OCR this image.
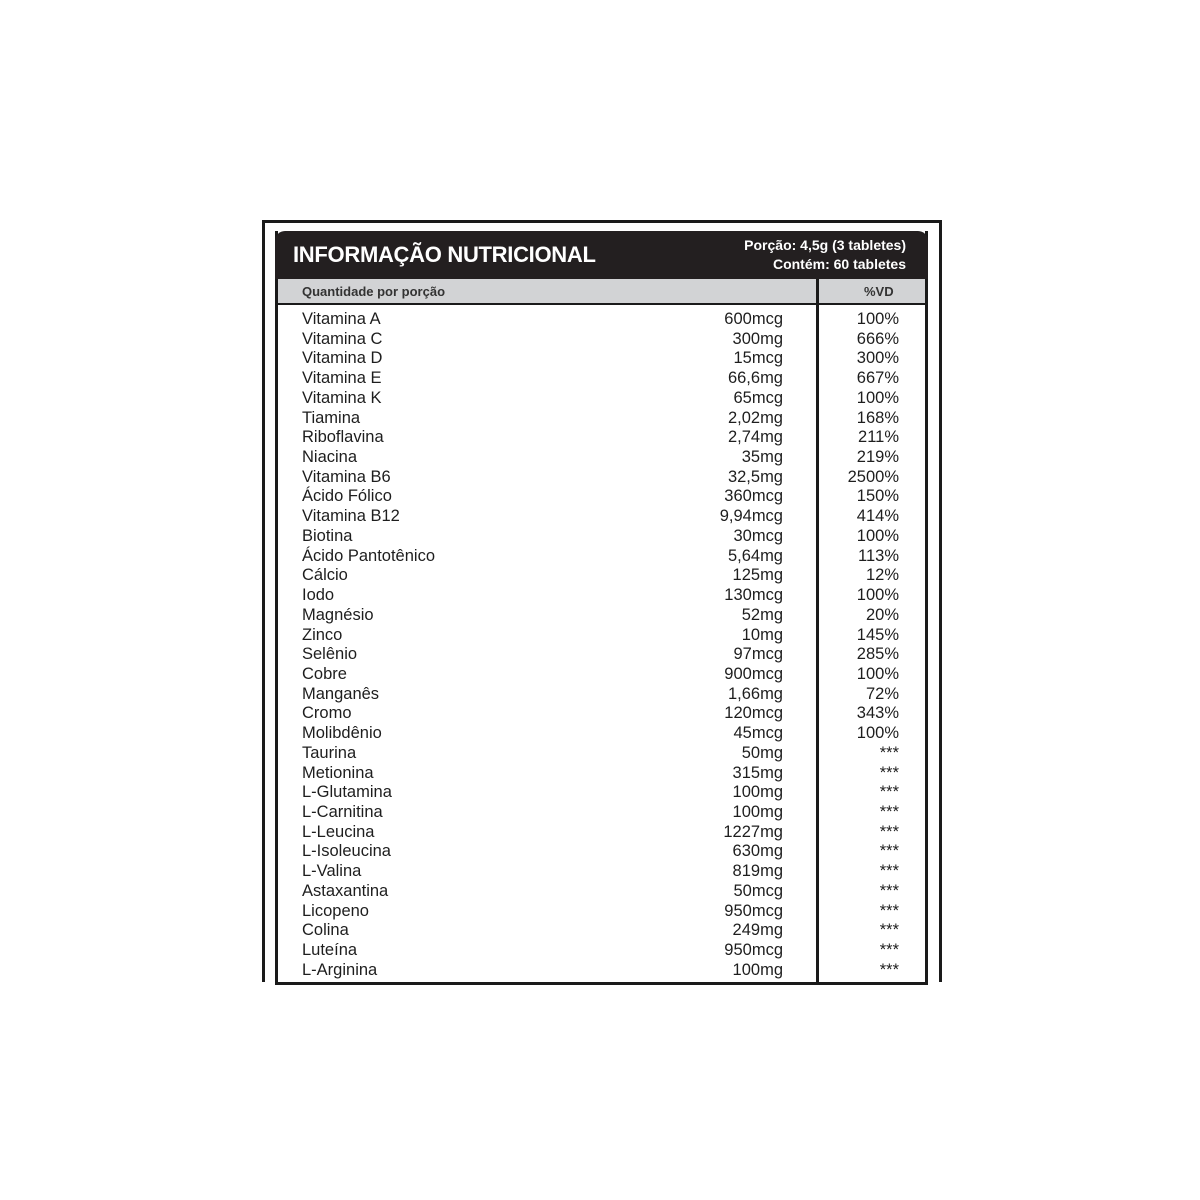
INFORMAÇÃO NUTRICIONAL	Porção: 4,5g (3 tabletes)
Contém: 60 tabletes
Quantidade por porção	%VD
Vitamina A	600mcg	100%
Vitamina C	300mg	666%
Vitamina D	15mcg	300%
Vitamina E	66,6mg	667%
Vitamina K	65mcg	100%
Tiamina	2,02mg	168%
Riboflavina	2,74mg	211%
Niacina	35mg	219%
Vitamina B6	32,5mg	2500%
Ácido Fólico	360mcg	150%
Vitamina B12	9,94mcg	414%
Biotina	30mcg	100%
Ácido Pantotênico	5,64mg	113%
Cálcio	125mg	12%
Iodo	130mcg	100%
Magnésio	52mg	20%
Zinco	10mg	145%
Selênio	97mcg	285%
Cobre	900mcg	100%
Manganês	1,66mg	72%
Cromo	120mcg	343%
Molibdênio	45mcg	100%
Taurina	50mg	***
Metionina	315mg	***
L-Glutamina	100mg	***
L-Carnitina	100mg	***
L-Leucina	1227mg	***
L-Isoleucina	630mg	***
L-Valina	819mg	***
Astaxantina	50mcg	***
Licopeno	950mcg	***
Colina	249mg	***
Luteína	950mcg	***
L-Arginina	100mg	***
